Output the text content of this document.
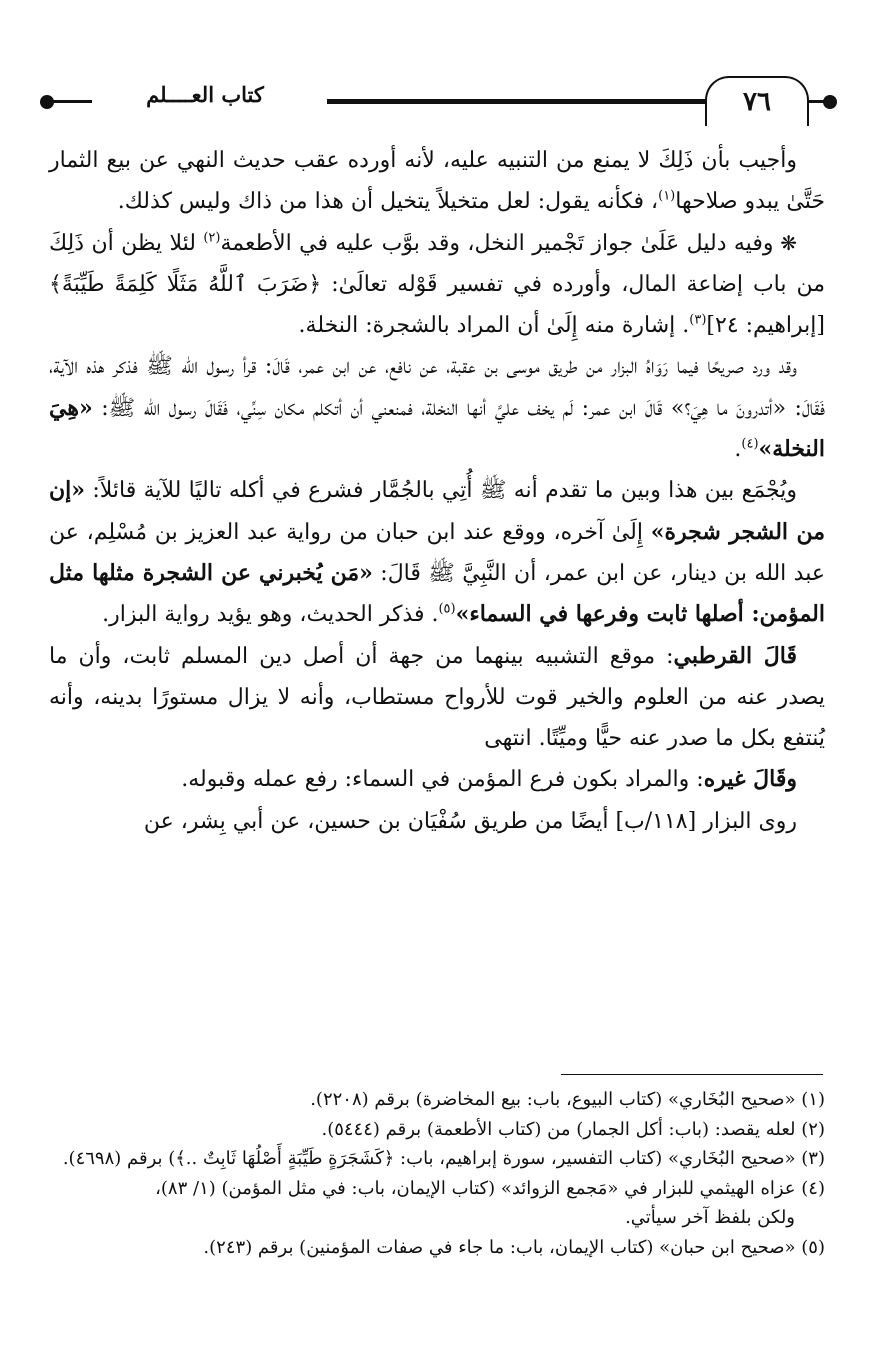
٧٦
كتاب العــــلم

وأجيب بأن ذَلِكَ لا يمنع من التنبيه عليه، لأنه أورده عقب حديث النهي عن بيع الثمار حَتَّىٰ يبدو صلاحها$^{(١)}$، فكأنه يقول: لعل متخيلاً يتخيل أن هذا من ذاك وليس كذلك.

❋ وفيه دليل عَلَىٰ جواز تَجْمير النخل، وقد بوَّب عليه في الأطعمة$^{(٢)}$ لئلا يظن أن ذَلِكَ من باب إضاعة المال، وأورده في تفسير قَوْله تعالَىٰ: ﴿ضَرَبَ ٱللَّهُ مَثَلًا كَلِمَةً طَيِّبَةً﴾ [إبراهيم: ٢٤]$^{(٣)}$. إشارة منه إِلَىٰ أن المراد بالشجرة: النخلة.

وقد ورد صريحًا فيما رَوَاهُ البزار من طريق موسى بن عقبة، عن نافع، عن ابن عمر، قَالَ: قرأ رسول الله ﷺ فذكر هذه الآية، فَقَالَ: «أتدرونَ ما هِيَ؟» قَالَ ابن عمر: لَم يخف عليَّ أنها النخلة، فمنعني أن أتكلم مكان سِنِّي، فَقَالَ رسول الله ﷺ: «هِيَ النخلة»$^{(٤)}$.

ويُجْمَع بين هذا وبين ما تقدم أنه ﷺ أُتِي بالجُمَّار فشرع في أكله تاليًا للآية قائلاً: «إن من الشجر شجرة» إِلَىٰ آخره، ووقع عند ابن حبان من رواية عبد العزيز بن مُسْلِم، عن عبد الله بن دينار، عن ابن عمر، أن النَّبِيَّ ﷺ قَالَ: «مَن يُخبرني عن الشجرة مثلها مثل المؤمن: أصلها ثابت وفرعها في السماء»$^{(٥)}$. فذكر الحديث، وهو يؤيد رواية البزار.

قَالَ القرطبي: موقع التشبيه بينهما من جهة أن أصل دين المسلم ثابت، وأن ما يصدر عنه من العلوم والخير قوت للأرواح مستطاب، وأنه لا يزال مستورًا بدينه، وأنه يُنتفع بكل ما صدر عنه حيًّا وميِّتًا. انتهى

وقَالَ غيره: والمراد بكون فرع المؤمن في السماء: رفع عمله وقبوله.

روى البزار [١١٨/ب] أيضًا من طريق سُفْيَان بن حسين، عن أبي بِشر، عن

(١) «صحيح البُخَاري» (كتاب البيوع، باب: بيع المخاضرة) برقم (٢٢٠٨).
(٢) لعله يقصد: (باب: أكل الجمار) من (كتاب الأطعمة) برقم (٥٤٤٤).
(٣) «صحيح البُخَاري» (كتاب التفسير، سورة إبراهيم، باب: ﴿كَشَجَرَةٍ طَيِّبَةٍ أَصْلُهَا ثَابِتٌ ..﴾) برقم (٤٦٩٨).
(٤) عزاه الهيثمي للبزار في «مَجمع الزوائد» (كتاب الإيمان، باب: في مثل المؤمن) (١/ ٨٣)،
ولكن بلفظ آخر سيأتي.
(٥) «صحيح ابن حبان» (كتاب الإيمان، باب: ما جاء في صفات المؤمنين) برقم (٢٤٣).
